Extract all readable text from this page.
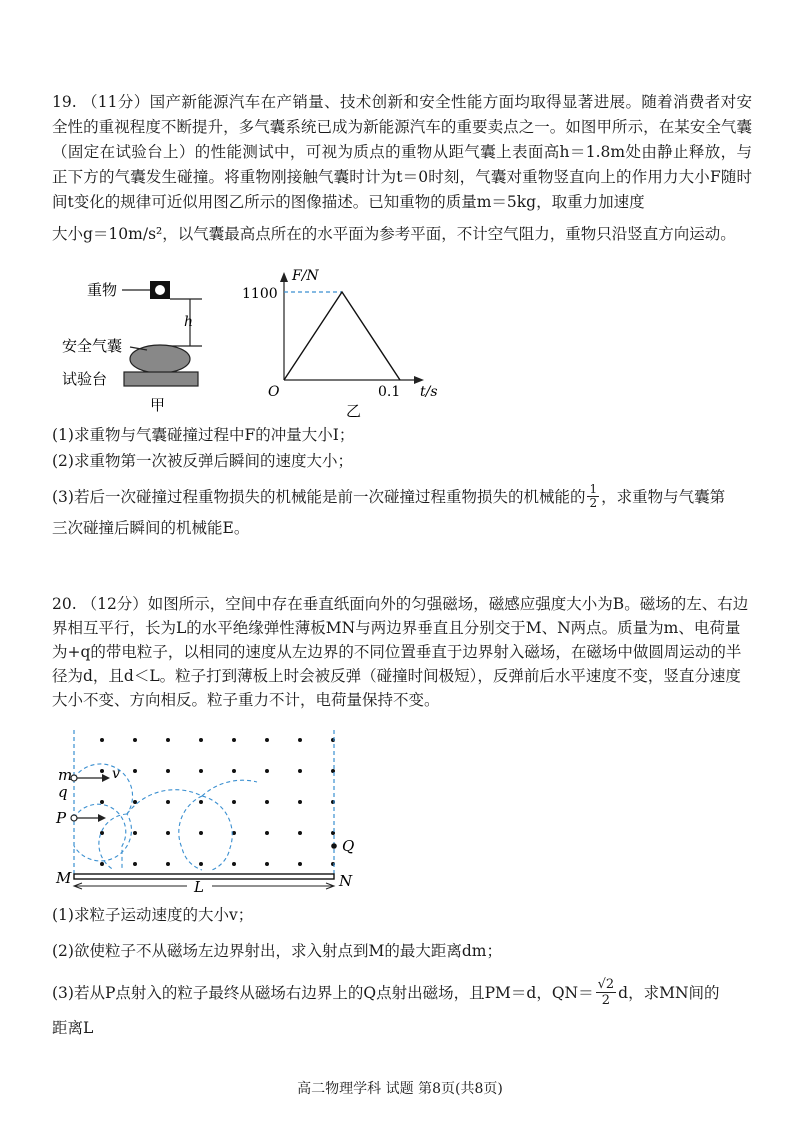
19. （11分）国产新能源汽车在产销量、技术创新和安全性能方面均取得显著进展。随着消费者对安全性的重视程度不断提升，多气囊系统已成为新能源汽车的重要卖点之一。如图甲所示，在某安全气囊（固定在试验台上）的性能测试中，可视为质点的重物从距气囊上表面高h＝1.8m处由静止释放，与正下方的气囊发生碰撞。将重物刚接触气囊时计为t＝0时刻，气囊对重物竖直向上的作用力大小F随时间t变化的规律可近似用图乙所示的图像描述。已知重物的质量m＝5kg，取重力加速度
大小g＝10m/s²，以气囊最高点所在的水平面为参考平面，不计空气阻力，重物只沿竖直方向运动。
重物
h
安全气囊
试验台
甲
F/N
t/s
O
1100
0.1
乙
(1)求重物与气囊碰撞过程中F的冲量大小I；
(2)求重物第一次被反弹后瞬间的速度大小；
(3)若后一次碰撞过程重物损失的机械能是前一次碰撞过程重物损失的机械能的 $\frac{1}{2}$ ，求重物与气囊第
三次碰撞后瞬间的机械能E。
20. （12分）如图所示，空间中存在垂直纸面向外的匀强磁场，磁感应强度大小为B。磁场的左、右边界相互平行，长为L的水平绝缘弹性薄板MN与两边界垂直且分别交于M、N两点。质量为m、电荷量为+q的带电粒子，以相同的速度从左边界的不同位置垂直于边界射入磁场，在磁场中做圆周运动的半径为d，且d＜L。粒子打到薄板上时会被反弹（碰撞时间极短），反弹前后水平速度不变，竖直分速度大小不变、方向相反。粒子重力不计，电荷量保持不变。
m
q
v
P
Q
M	N
L
(1)求粒子运动速度的大小v；
(2)欲使粒子不从磁场左边界射出，求入射点到M的最大距离dm；
(3)若从P点射入的粒子最终从磁场右边界上的Q点射出磁场，且PM＝d，$QN= \frac{√2}{2}$ d，求MN间的
距离L
高二物理学科 试题 第8页(共8页)
